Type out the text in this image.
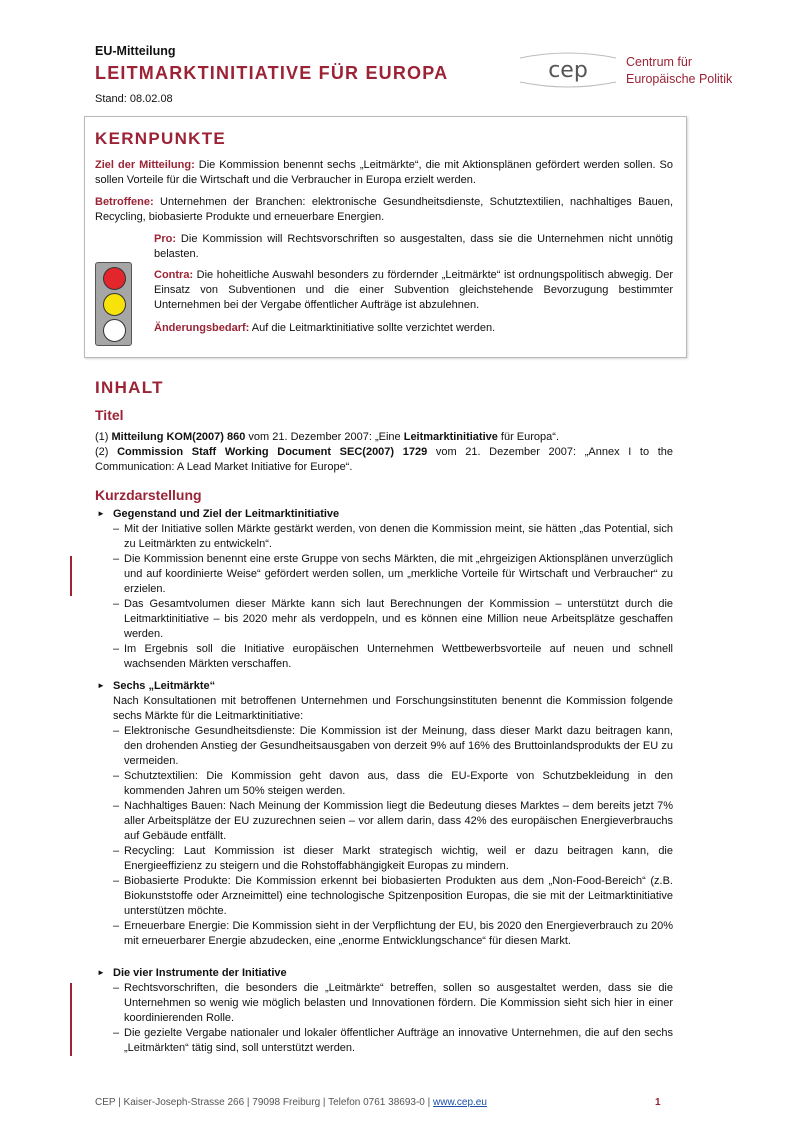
EU-Mitteilung
LEITMARKTINITIATIVE FÜR EUROPA
Stand: 08.02.08
cep	Centrum für
Europäische Politik
KERNPUNKTE
Ziel der Mitteilung: Die Kommission benennt sechs „Leitmärkte“, die mit Aktionsplänen gefördert werden sollen. So sollen Vorteile für die Wirtschaft und die Verbraucher in Europa erzielt werden.
Betroffene: Unternehmen der Branchen: elektronische Gesundheitsdienste, Schutztextilien, nachhaltiges Bauen, Recycling, biobasierte Produkte und erneuerbare Energien.
Pro: Die Kommission will Rechtsvorschriften so ausgestalten, dass sie die Unternehmen nicht unnötig belasten.
Contra: Die hoheitliche Auswahl besonders zu fördernder „Leitmärkte“ ist ordnungspolitisch abwegig. Der Einsatz von Subventionen und die einer Subvention gleichstehende Bevorzugung bestimmter Unternehmen bei der Vergabe öffentlicher Aufträge ist abzulehnen.
Änderungsbedarf: Auf die Leitmarktinitiative sollte verzichtet werden.
INHALT
Titel
(1) Mitteilung KOM(2007) 860 vom 21. Dezember 2007: „Eine Leitmarktinitiative für Europa“.
(2) Commission Staff Working Document SEC(2007) 1729 vom 21. Dezember 2007: „Annex I to the Communication: A Lead Market Initiative for Europe“.
Kurzdarstellung
► Gegenstand und Ziel der Leitmarktinitiative
– Mit der Initiative sollen Märkte gestärkt werden, von denen die Kommission meint, sie hätten „das Potential, sich zu Leitmärkten zu entwickeln“.
– Die Kommission benennt eine erste Gruppe von sechs Märkten, die mit „ehrgeizigen Aktionsplänen unverzüglich und auf koordinierte Weise“ gefördert werden sollen, um „merkliche Vorteile für Wirtschaft und Verbraucher“ zu erzielen.
– Das Gesamtvolumen dieser Märkte kann sich laut Berechnungen der Kommission – unterstützt durch die Leitmarktinitiative – bis 2020 mehr als verdoppeln, und es können eine Million neue Arbeitsplätze geschaffen werden.
– Im Ergebnis soll die Initiative europäischen Unternehmen Wettbewerbsvorteile auf neuen und schnell wachsenden Märkten verschaffen.
► Sechs „Leitmärkte“
Nach Konsultationen mit betroffenen Unternehmen und Forschungsinstituten benennt die Kommission folgende sechs Märkte für die Leitmarktinitiative:
– Elektronische Gesundheitsdienste: Die Kommission ist der Meinung, dass dieser Markt dazu beitragen kann, den drohenden Anstieg der Gesundheitsausgaben von derzeit 9% auf 16% des Bruttoinlandsprodukts der EU zu vermeiden.
– Schutztextilien: Die Kommission geht davon aus, dass die EU-Exporte von Schutzbekleidung in den kommenden Jahren um 50% steigen werden.
– Nachhaltiges Bauen: Nach Meinung der Kommission liegt die Bedeutung dieses Marktes – dem bereits jetzt 7% aller Arbeitsplätze der EU zuzurechnen seien – vor allem darin, dass 42% des europäischen Energieverbrauchs auf Gebäude entfällt.
– Recycling: Laut Kommission ist dieser Markt strategisch wichtig, weil er dazu beitragen kann, die Energieeffizienz zu steigern und die Rohstoffabhängigkeit Europas zu mindern.
– Biobasierte Produkte: Die Kommission erkennt bei biobasierten Produkten aus dem „Non-Food-Bereich“ (z.B. Biokunststoffe oder Arzneimittel) eine technologische Spitzenposition Europas, die sie mit der Leitmarktinitiative unterstützen möchte.
– Erneuerbare Energie: Die Kommission sieht in der Verpflichtung der EU, bis 2020 den Energieverbrauch zu 20% mit erneuerbarer Energie abzudecken, eine „enorme Entwicklungschance“ für diesen Markt.
► Die vier Instrumente der Initiative
– Rechtsvorschriften, die besonders die „Leitmärkte“ betreffen, sollen so ausgestaltet werden, dass sie die Unternehmen so wenig wie möglich belasten und Innovationen fördern. Die Kommission sieht sich hier in einer koordinierenden Rolle.
– Die gezielte Vergabe nationaler und lokaler öffentlicher Aufträge an innovative Unternehmen, die auf den sechs „Leitmärkten“ tätig sind, soll unterstützt werden.
CEP | Kaiser-Joseph-Strasse 266 | 79098 Freiburg | Telefon 0761 38693-0 | www.cep.eu	1
